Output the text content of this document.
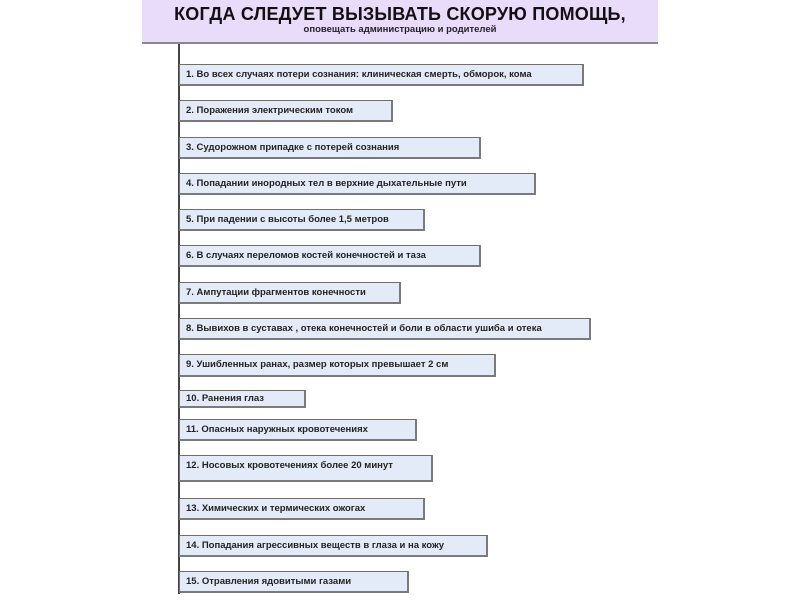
КОГДА СЛЕДУЕТ ВЫЗЫВАТЬ СКОРУЮ ПОМОЩЬ,
оповещать администрацию и родителей
1. Во всех случаях потери сознания: клиническая смерть, обморок, кома
2. Поражения электрическим током
3. Судорожном припадке с потерей сознания
4. Попадании инородных тел в верхние дыхательные пути
5. При падении с высоты более 1,5 метров
6. В случаях переломов костей конечностей и таза
7. Ампутации фрагментов конечности
8. Вывихов в суставах , отека конечностей и боли в области ушиба и отека
9. Ушибленных ранах, размер которых превышает 2 см
10. Ранения глаз
11. Опасных наружных кровотечениях
12. Носовых кровотечениях более 20 минут
13. Химических и термических ожогах
14. Попадания агрессивных веществ в глаза и на кожу
15. Отравления ядовитыми газами
